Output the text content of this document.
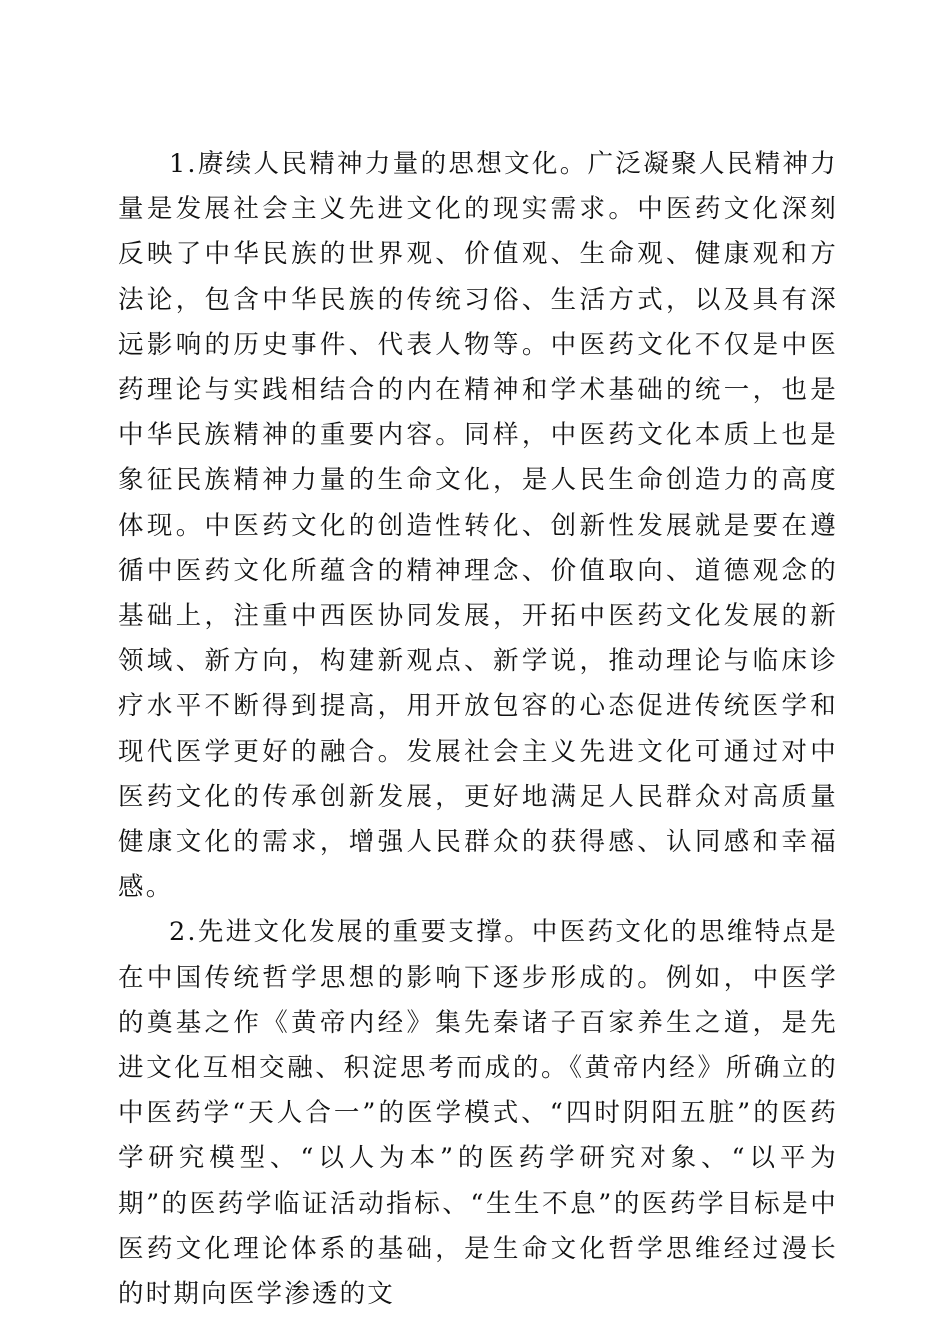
1.赓续人民精神力量的思想文化。广泛凝聚人民精神力量是发展社会主义先进文化的现实需求。中医药文化深刻反映了中华民族的世界观、价值观、生命观、健康观和方法论，包含中华民族的传统习俗、生活方式，以及具有深远影响的历史事件、代表人物等。中医药文化不仅是中医药理论与实践相结合的内在精神和学术基础的统一，也是中华民族精神的重要内容。同样，中医药文化本质上也是象征民族精神力量的生命文化，是人民生命创造力的高度体现。中医药文化的创造性转化、创新性发展就是要在遵循中医药文化所蕴含的精神理念、价值取向、道德观念的基础上，注重中西医协同发展，开拓中医药文化发展的新领域、新方向，构建新观点、新学说，推动理论与临床诊疗水平不断得到提高，用开放包容的心态促进传统医学和现代医学更好的融合。发展社会主义先进文化可通过对中医药文化的传承创新发展，更好地满足人民群众对高质量健康文化的需求，增强人民群众的获得感、认同感和幸福感。

2.先进文化发展的重要支撑。中医药文化的思维特点是在中国传统哲学思想的影响下逐步形成的。例如，中医学的奠基之作《黄帝内经》集先秦诸子百家养生之道，是先进文化互相交融、积淀思考而成的。《黄帝内经》所确立的中医药学“天人合一”的医学模式、“四时阴阳五脏”的医药学研究模型、“以人为本”的医药学研究对象、“以平为期”的医药学临证活动指标、“生生不息”的医药学目标是中医药文化理论体系的基础，是生命文化哲学思维经过漫长的时期向医学渗透的文
